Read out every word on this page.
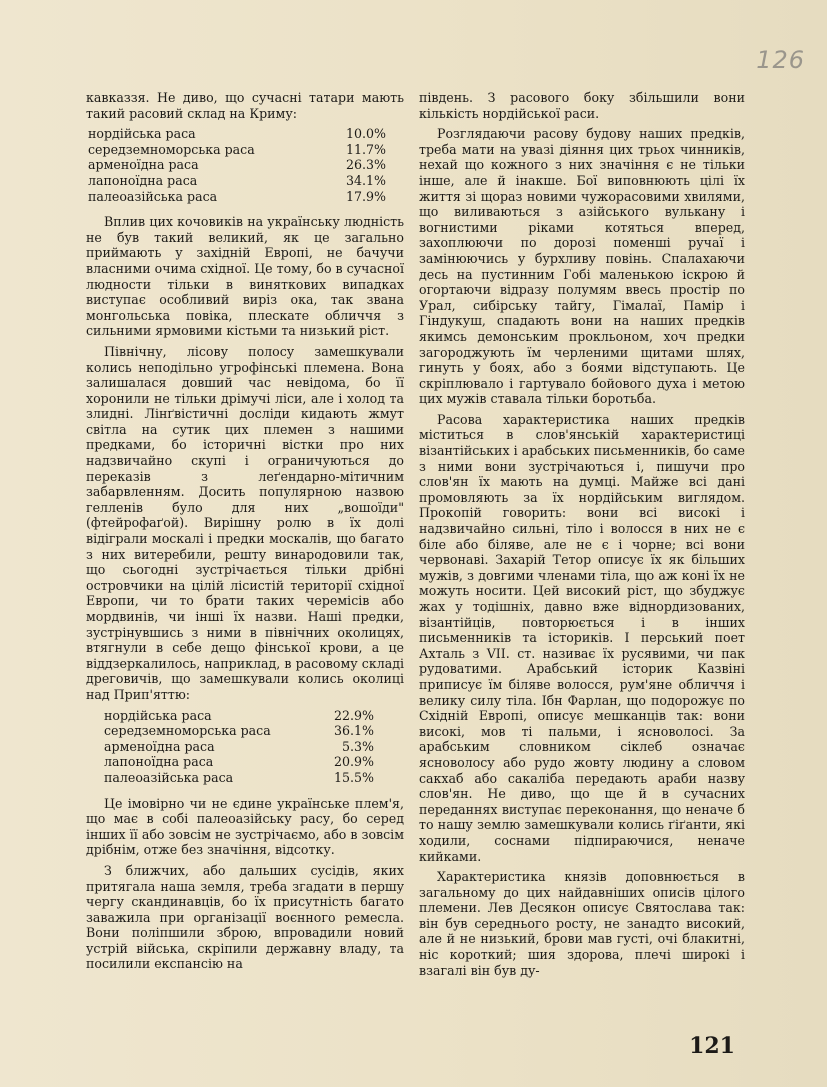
126

кавказзя. Не диво, що сучасні татари мають такий расовий склад на Криму:

нордійська раса	10.0%
середземноморська раса	11.7%
арменоїдна раса	26.3%
лапоноїдна раса	34.1%
палеоазійська раса	17.9%

Вплив цих кочовиків на українську людність не був такий великий, як це загально приймають у західній Европі, не бачучи власними очима східної. Це тому, бо в сучасної людности тільки в винятковиx випадках виступає особливий виріз ока, так звана монгольська повіка, плескате обличчя з сильними ярмовими кістьми та низький ріст.

Північну, лісову полосу замешкували колись неподільно угрофінські племена. Вона залишалася довший час невідома, бо її хоронили не тільки дрімучі ліси, але і холод та злидні. Лінґвістичні досліди кидають жмут світла на сутик цих племен з нашими предками, бо історичні вістки про них надзвичайно скупі і ограничуються до переказів з леґендарно-мітичним забарвленням. Досить популярною назвою гелленів було для них „вошоїди" (фтейрофаґой). Вирішну ролю в їх долі відіграли москалі і предки москалів, що багато з них витеребили, решту винародовили так, що сьогодні зустрічається тільки дрібні островчики на цілій лісистій території східної Европи, чи то брати таких черемісів або мордвинів, чи інші їх назви. Наші предки, зустрінувшись з ними в північних околицях, втягнули в себе дещо фінської крови, а це віддзеркалилось, наприклад, в расовому складі дреговичів, що замешкували колись околиці над Прип'яттю:

нордійська раса	22.9%
середземноморська раса	36.1%
арменоїдна раса	5.3%
лапоноїдна раса	20.9%
палеоазійська раса	15.5%

Це імовірно чи не єдине українське плем'я, що має в собі палеоазійську расу, бо серед інших її або зовсім не зустрічаємо, або в зовсім дрібнім, отже без значіння, відсотку.

З ближчих, або дальших сусідів, яких притягала наша земля, треба згадати в першу чергу скандинавців, бо їх присутність багато заважила при організації воєнного ремесла. Вони поліпшили зброю, впровадили новий устрій війська, скріпили державну владу, та посилили експансію на

південь. З расового боку збільшили вони кількість нордійської раси.

Розглядаючи расову будову наших предків, треба мати на увазі діяння цих трьох чинників, нехай що кожного з них значіння є не тільки інше, але й інакше. Бої виповнюють цілі їх життя зі щораз новими чужорасовими хвилями, що виливаються з азійського вулькану і вогнистими ріками котяться вперед, захоплюючи по дорозі поменші ручаї і замінюючись у бурхливу повінь. Спалахаючи десь на пустинним Гобі маленькою іскрою й огортаючи відразу полумям ввесь простір по Урал, сибірську тайгу, Гімалаї, Памір і Гіндукуш, спадають вони на наших предків якимсь демонським прокльоном, хоч предки загороджують їм черленими щитами шлях, гинуть у боях, або з боями відступають. Це скріплювало і гартувало бойового духа і метою цих мужів ставала тільки боротьба.

Расова характеристика наших предків міститься в слов'янській характеристиці візантійських і арабських письменників, бо саме з ними вони зустрічаються і, пишучи про слов'ян їх мають на думці. Майже всі дані промовляють за їх нордійським виглядом. Прокопій говорить: вони всі високі і надзвичайно сильні, тіло і волосся в них не є біле або біляве, але не є і чорне; всі вони червонаві. Захарій Тетор описує їх як більших мужів, з довгими членами тіла, що аж коні їх не можуть носити. Цей високий ріст, що збуджує жах у тодішніх, давно вже віднордизованих, візантійців, повторюється і в інших письменників та істориків. І перський поет Ахталь з VII. ст. називає їх русявими, чи пак рудоватими. Арабський історик Казвіні приписує їм біляве волосся, рум'яне обличчя і велику силу тіла. Ібн Фарлан, що подорожує по Східній Европі, описує мешканців так: вони високі, мов ті пальми, і ясноволосі. За арабським словником сіклеб означає ясноволосу або рудо жовту людину а словом сакхаб або сакаліба передають араби назву слов'ян. Не диво, що ще й в сучасних переданнях виступає переконання, що неначе б то нашу землю замешкували колись ґіґанти, які ходили, соснами підпираючися, неначе кийками.

Характеристика князів доповнюється в загальному до цих найдавніших описів цілого племени. Лев Десякон описує Святослава так: він був середнього росту, не занадто високий, але й не низький, брови мав густі, очі блакитні, ніс короткий; шия здорова, плечі широкі і взагалі він був ду-

121
